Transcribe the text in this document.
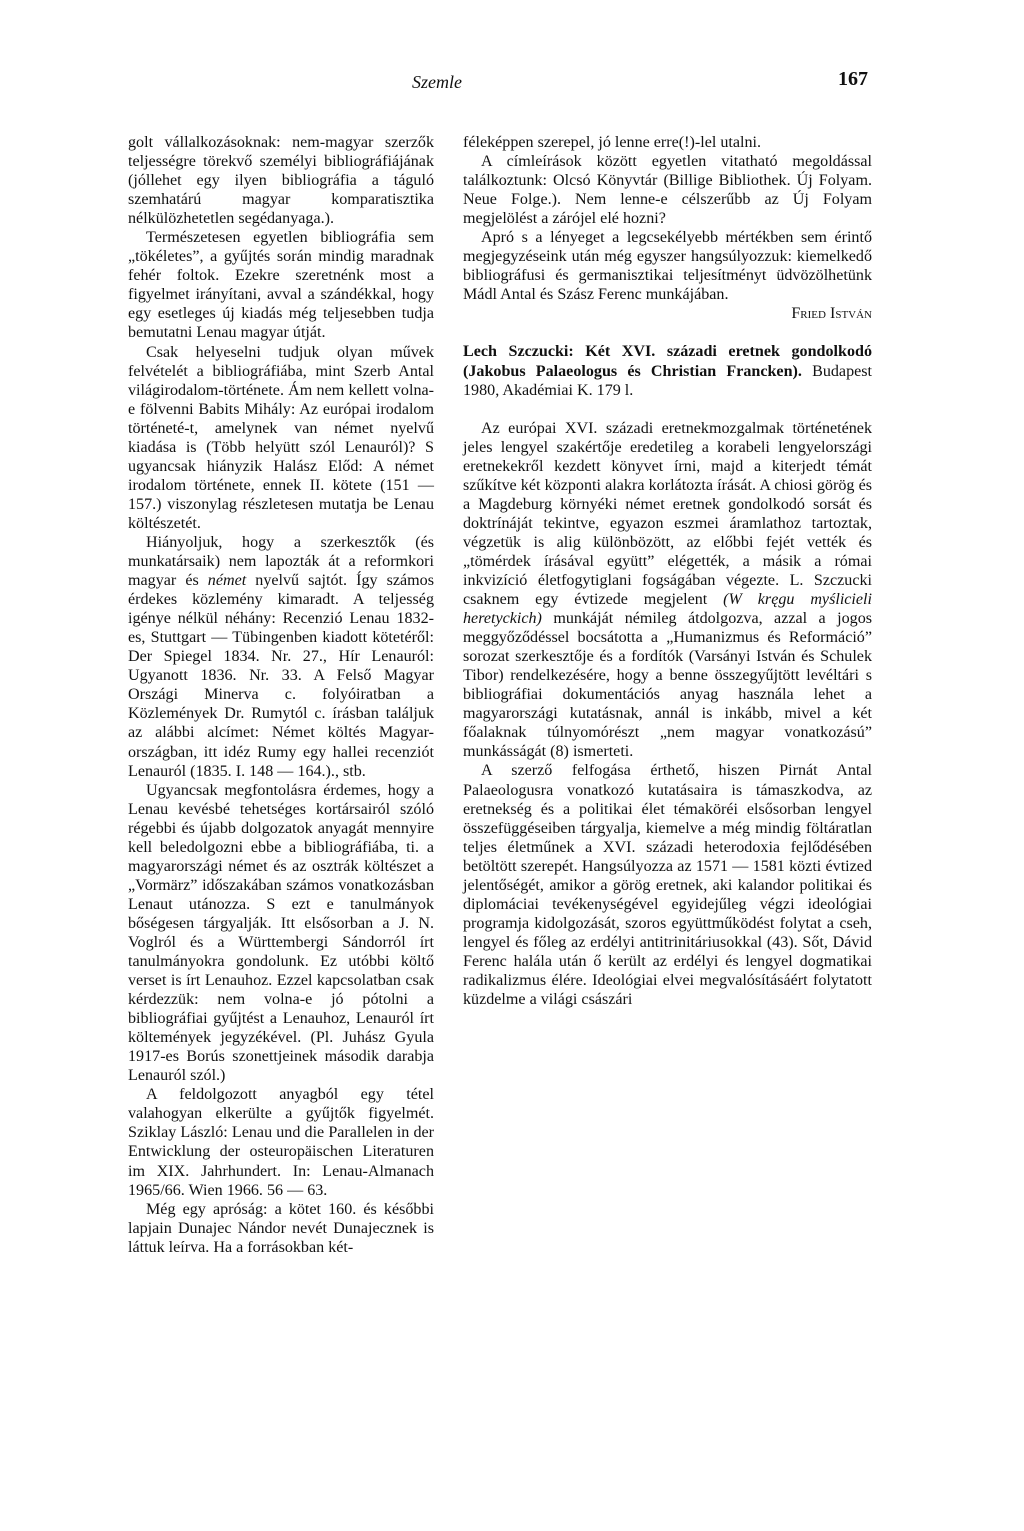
Szemle	167

golt vállalkozásoknak: nem-magyar szerzők teljességre törekvő személyi bibliográfiájának (jóllehet egy ilyen bibliográfia a táguló szemhatárú magyar komparatisztika nélkülözhetetlen segédanyaga.).

Természetesen egyetlen bibliográfia sem „tökéletes”, a gyűjtés során mindig maradnak fehér foltok. Ezekre szeretnénk most a figyelmet irányítani, avval a szándékkal, hogy egy esetleges új kiadás még teljesebben tudja bemutatni Lenau magyar útját.

Csak helyeselni tudjuk olyan művek felvételét a bibliográfiába, mint Szerb Antal világirodalom-története. Ám nem kellett volna-e fölvenni Babits Mihály: Az európai irodalom történeté-t, amelynek van német nyelvű kiadása is (Több helyütt szól Lenauról)? S ugyancsak hiányzik Halász Előd: A német irodalom története, ennek II. kötete (151 — 157.) viszonylag részletesen mutatja be Lenau költészetét.

Hiányoljuk, hogy a szerkesztők (és munkatársaik) nem lapozták át a reformkori magyar és német nyelvű sajtót. Így számos érdekes közlemény kimaradt. A teljesség igénye nélkül néhány: Recenzió Lenau 1832-es, Stuttgart — Tübingenben kiadott kötetéről: Der Spiegel 1834. Nr. 27., Hír Lenauról: Ugyanott 1836. Nr. 33. A Felső Magyar Országi Minerva c. folyóiratban a Közlemények Dr. Rumytól c. írásban találjuk az alábbi alcímet: Német költés Magyar-országban, itt idéz Rumy egy hallei recenziót Lenauról (1835. I. 148 — 164.)., stb.

Ugyancsak megfontolásra érdemes, hogy a Lenau kevésbé tehetséges kortársairól szóló régebbi és újabb dolgozatok anyagát mennyire kell beledolgozni ebbe a bibliográfiába, ti. a magyarországi német és az osztrák költészet a „Vormärz” időszakában számos vonatkozásban Lenaut utánozza. S ezt e tanulmányok bőségesen tárgyalják. Itt elsősorban a J. N. Voglról és a Württembergi Sándorról írt tanulmányokra gondolunk. Ez utóbbi költő verset is írt Lenauhoz. Ezzel kapcsolatban csak kérdezzük: nem volna-e jó pótolni a bibliográfiai gyűjtést a Lenauhoz, Lenauról írt költemények jegyzékével. (Pl. Juhász Gyula 1917-es Borús szonettjeinek második darabja Lenauról szól.)

A feldolgozott anyagból egy tétel valahogyan elkerülte a gyűjtők figyelmét. Sziklay László: Lenau und die Parallelen in der Entwicklung der osteuropäischen Literaturen im XIX. Jahrhundert. In: Lenau-Almanach 1965/66. Wien 1966. 56 — 63.

Még egy apróság: a kötet 160. és későbbi lapjain Dunajec Nándor nevét Dunajecznek is láttuk leírva. Ha a forrásokban két-

féleképpen szerepel, jó lenne erre(!)-lel utalni.

A címleírások között egyetlen vitatható megoldással találkoztunk: Olcsó Könyvtár (Billige Bibliothek. Új Folyam. Neue Folge.). Nem lenne-e célszerűbb az Új Folyam megjelölést a zárójel elé hozni?

Apró s a lényeget a legcsekélyebb mértékben sem érintő megjegyzéseink után még egyszer hangsúlyozzuk: kiemelkedő bibliográfusi és germanisztikai teljesítményt üdvözölhetünk Mádl Antal és Szász Ferenc munkájában.

Fried István

Lech Szczucki: Két XVI. századi eretnek gondolkodó (Jakobus Palaeologus és Christian Francken). Budapest 1980, Akadémiai K. 179 l.

Az európai XVI. századi eretnekmozgalmak történetének jeles lengyel szakértője eredetileg a korabeli lengyelországi eretnekekről kezdett könyvet írni, majd a kiterjedt témát szűkítve két központi alakra korlátozta írását. A chiosi görög és a Magdeburg környéki német eretnek gondolkodó sorsát és doktrínáját tekintve, egyazon eszmei áramlathoz tartoztak, végzetük is alig különbözött, az előbbi fejét vették és „tömérdek írásával együtt” elégették, a másik a római inkvizíció életfogytiglani fogságában végezte. L. Szczucki csaknem egy évtizede megjelent (W kręgu myślicieli heretyckich) munkáját némileg átdolgozva, azzal a jogos meggyőződéssel bocsátotta a „Humanizmus és Reformáció” sorozat szerkesztője és a fordítók (Varsányi István és Schulek Tibor) rendelkezésére, hogy a benne összegyűjtött levéltári s bibliográfiai dokumentációs anyag használa lehet a magyarországi kutatásnak, annál is inkább, mivel a két főalaknak túlnyomórészt „nem magyar vonatkozású” munkásságát (8) ismerteti.

A szerző felfogása érthető, hiszen Pirnát Antal Palaeologusra vonatkozó kutatásaira is támaszkodva, az eretnekség és a politikai élet témaköréi elsősorban lengyel összefüggéseiben tárgyalja, kiemelve a még mindig föltáratlan teljes életműnek a XVI. századi heterodoxia fejlődésében betöltött szerepét. Hangsúlyozza az 1571 — 1581 közti évtized jelentőségét, amikor a görög eretnek, aki kalandor politikai és diplomáciai tevékenységével egyidejűleg végzi ideológiai programja kidolgozását, szoros együttműködést folytat a cseh, lengyel és főleg az erdélyi antitrinitáriusokkal (43). Sőt, Dávid Ferenc halála után ő került az erdélyi és lengyel dogmatikai radikalizmus élére. Ideológiai elvei megvalósításáért folytatott küzdelme a világi császári
